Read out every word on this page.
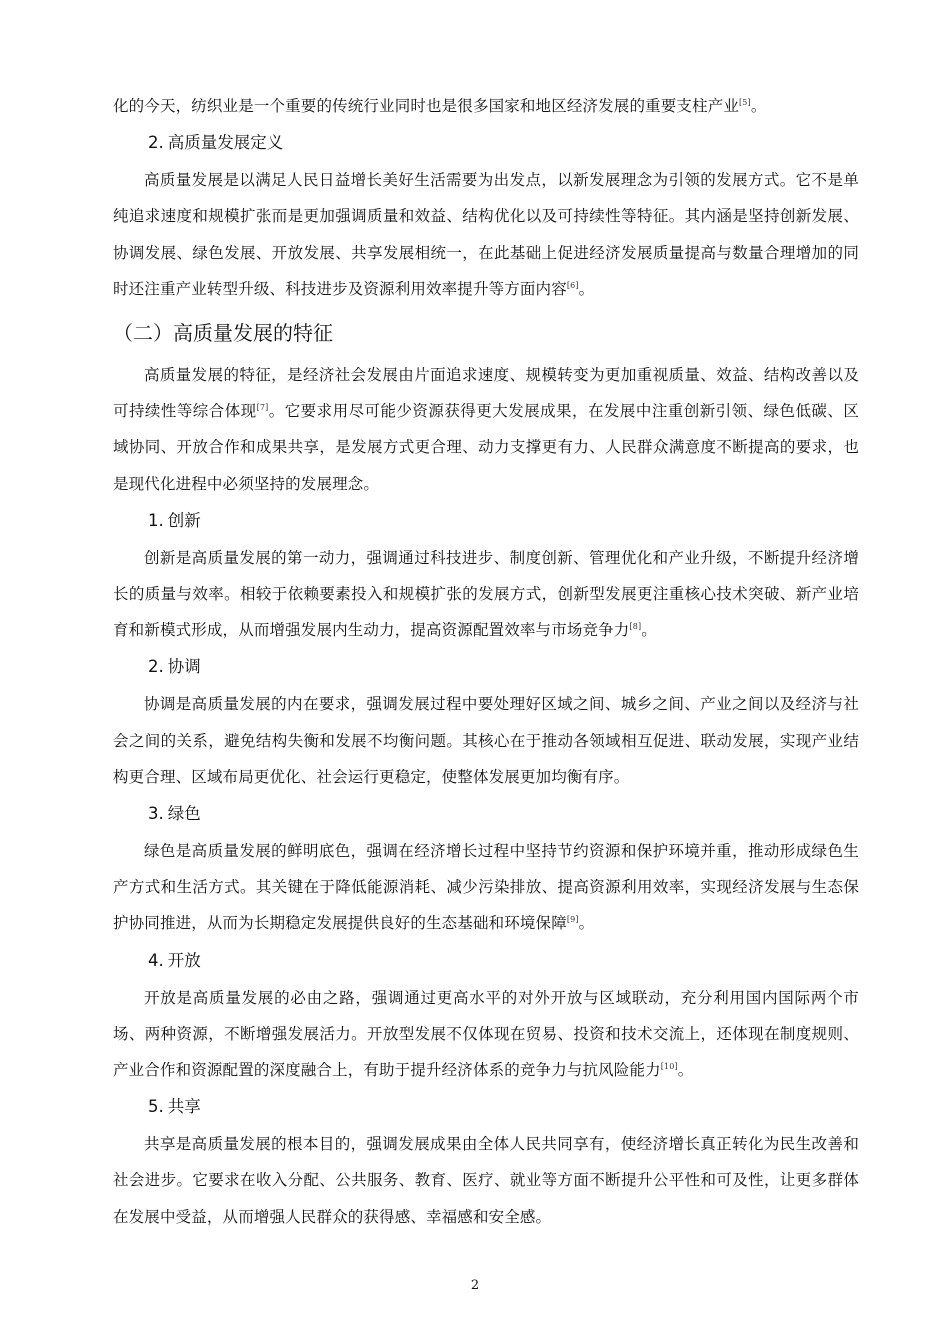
化的今天，纺织业是一个重要的传统行业同时也是很多国家和地区经济发展的重要支柱产业[5]。

2. 高质量发展定义

高质量发展是以满足人民日益增长美好生活需要为出发点，以新发展理念为引领的发展方式。它不是单纯追求速度和规模扩张而是更加强调质量和效益、结构优化以及可持续性等特征。其内涵是坚持创新发展、协调发展、绿色发展、开放发展、共享发展相统一，在此基础上促进经济发展质量提高与数量合理增加的同时还注重产业转型升级、科技进步及资源利用效率提升等方面内容[6]。

（二）高质量发展的特征

高质量发展的特征，是经济社会发展由片面追求速度、规模转变为更加重视质量、效益、结构改善以及可持续性等综合体现[7]。它要求用尽可能少资源获得更大发展成果，在发展中注重创新引领、绿色低碳、区域协同、开放合作和成果共享，是发展方式更合理、动力支撑更有力、人民群众满意度不断提高的要求，也是现代化进程中必须坚持的发展理念。

1. 创新

创新是高质量发展的第一动力，强调通过科技进步、制度创新、管理优化和产业升级，不断提升经济增长的质量与效率。相较于依赖要素投入和规模扩张的发展方式，创新型发展更注重核心技术突破、新产业培育和新模式形成，从而增强发展内生动力，提高资源配置效率与市场竞争力[8]。

2. 协调

协调是高质量发展的内在要求，强调发展过程中要处理好区域之间、城乡之间、产业之间以及经济与社会之间的关系，避免结构失衡和发展不均衡问题。其核心在于推动各领域相互促进、联动发展，实现产业结构更合理、区域布局更优化、社会运行更稳定，使整体发展更加均衡有序。

3. 绿色

绿色是高质量发展的鲜明底色，强调在经济增长过程中坚持节约资源和保护环境并重，推动形成绿色生产方式和生活方式。其关键在于降低能源消耗、减少污染排放、提高资源利用效率，实现经济发展与生态保护协同推进，从而为长期稳定发展提供良好的生态基础和环境保障[9]。

4. 开放

开放是高质量发展的必由之路，强调通过更高水平的对外开放与区域联动，充分利用国内国际两个市场、两种资源，不断增强发展活力。开放型发展不仅体现在贸易、投资和技术交流上，还体现在制度规则、产业合作和资源配置的深度融合上，有助于提升经济体系的竞争力与抗风险能力[10]。

5. 共享

共享是高质量发展的根本目的，强调发展成果由全体人民共同享有，使经济增长真正转化为民生改善和社会进步。它要求在收入分配、公共服务、教育、医疗、就业等方面不断提升公平性和可及性，让更多群体在发展中受益，从而增强人民群众的获得感、幸福感和安全感。

2
